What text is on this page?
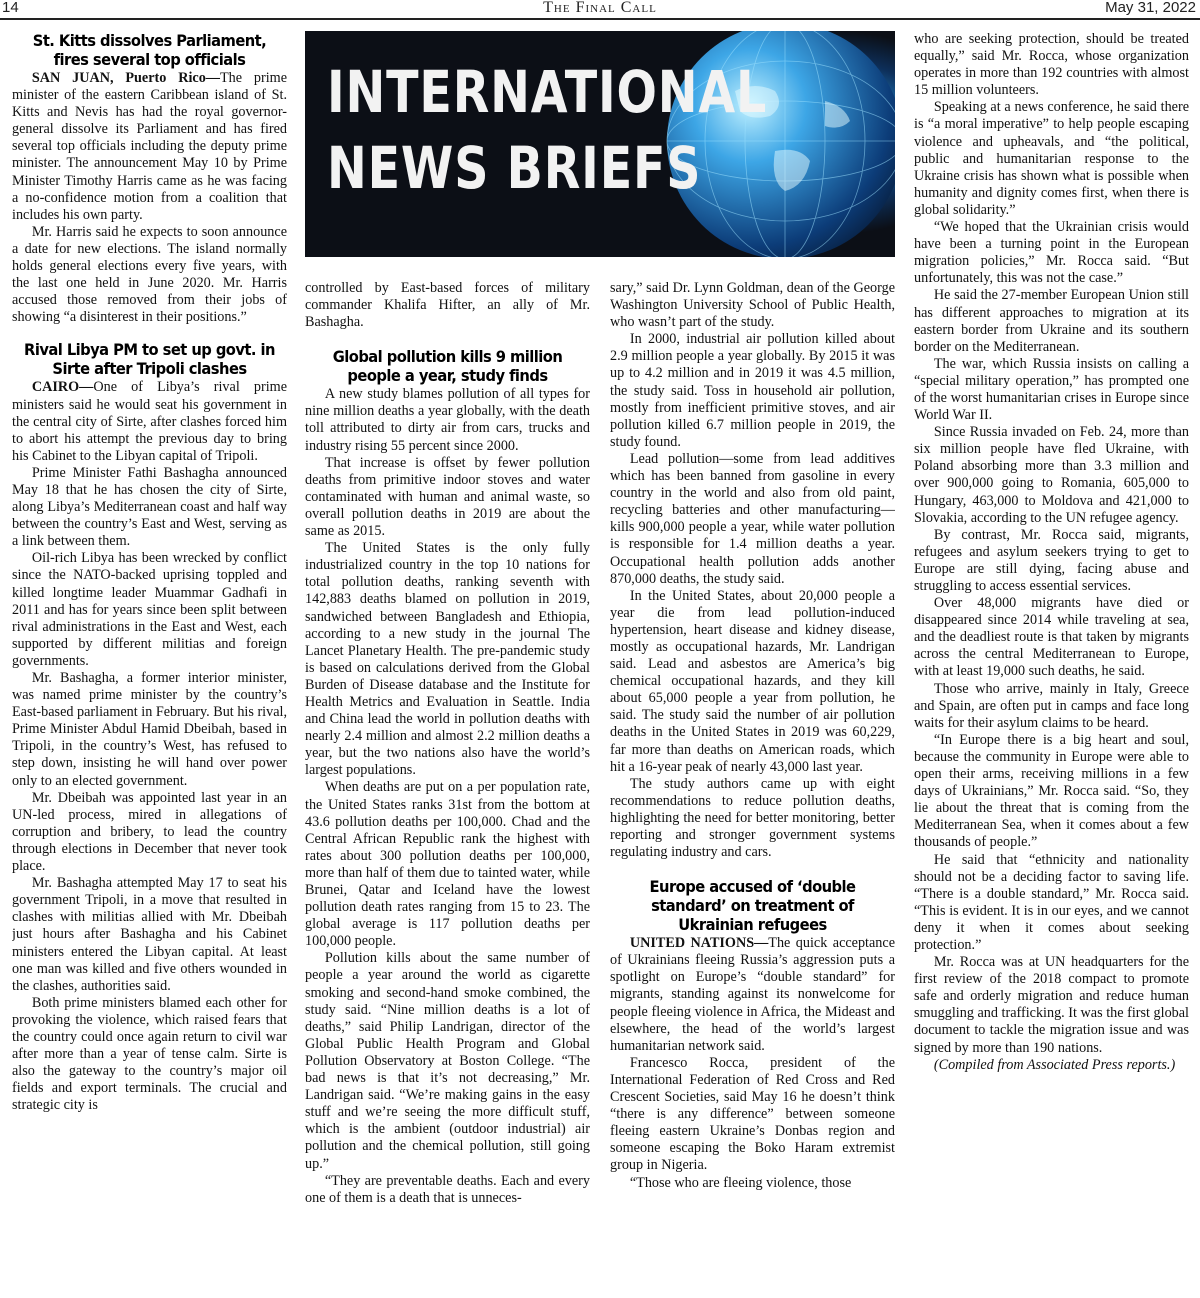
14	The Final Call	May 31, 2022
St. Kitts dissolves Parliament, fires several top officials

SAN JUAN, Puerto Rico—The prime minister of the eastern Caribbean island of St. Kitts and Nevis has had the royal governor-general dissolve its Parliament and has fired several top officials including the deputy prime minister. The announcement May 10 by Prime Minister Timothy Harris came as he was facing a no-confidence motion from a coalition that includes his own party.

Mr. Harris said he expects to soon announce a date for new elections. The island normally holds general elections every five years, with the last one held in June 2020. Mr. Harris accused those removed from their jobs of showing “a disinterest in their positions.”

Rival Libya PM to set up govt. in Sirte after Tripoli clashes

CAIRO—One of Libya’s rival prime ministers said he would seat his government in the central city of Sirte, after clashes forced him to abort his attempt the previous day to bring his Cabinet to the Libyan capital of Tripoli.

Prime Minister Fathi Bashagha announced May 18 that he has chosen the city of Sirte, along Libya’s Mediterranean coast and half way between the country’s East and West, serving as a link between them.

Oil-rich Libya has been wrecked by conflict since the NATO-backed uprising toppled and killed longtime leader Muammar Gadhafi in 2011 and has for years since been split between rival administrations in the East and West, each supported by different militias and foreign governments.

Mr. Bashagha, a former interior minister, was named prime minister by the country’s East-based parliament in February. But his rival, Prime Minister Abdul Hamid Dbeibah, based in Tripoli, in the country’s West, has refused to step down, insisting he will hand over power only to an elected government.

Mr. Dbeibah was appointed last year in an UN-led process, mired in allegations of corruption and bribery, to lead the country through elections in December that never took place.

Mr. Bashagha attempted May 17 to seat his government Tripoli, in a move that resulted in clashes with militias allied with Mr. Dbeibah just hours after Bashagha and his Cabinet ministers entered the Libyan capital. At least one man was killed and five others wounded in the clashes, authorities said.

Both prime ministers blamed each other for provoking the violence, which raised fears that the country could once again return to civil war after more than a year of tense calm. Sirte is also the gateway to the country’s major oil fields and export terminals. The crucial and strategic city is

INTERNATIONAL
NEWS BRIEFS

controlled by East-based forces of military commander Khalifa Hifter, an ally of Mr. Bashagha.

Global pollution kills 9 million people a year, study finds

A new study blames pollution of all types for nine million deaths a year globally, with the death toll attributed to dirty air from cars, trucks and industry rising 55 percent since 2000.

That increase is offset by fewer pollution deaths from primitive indoor stoves and water contaminated with human and animal waste, so overall pollution deaths in 2019 are about the same as 2015.

The United States is the only fully industrialized country in the top 10 nations for total pollution deaths, ranking seventh with 142,883 deaths blamed on pollution in 2019, sandwiched between Bangladesh and Ethiopia, according to a new study in the journal The Lancet Planetary Health. The pre-pandemic study is based on calculations derived from the Global Burden of Disease database and the Institute for Health Metrics and Evaluation in Seattle. India and China lead the world in pollution deaths with nearly 2.4 million and almost 2.2 million deaths a year, but the two nations also have the world’s largest populations.

When deaths are put on a per population rate, the United States ranks 31st from the bottom at 43.6 pollution deaths per 100,000. Chad and the Central African Republic rank the highest with rates about 300 pollution deaths per 100,000, more than half of them due to tainted water, while Brunei, Qatar and Iceland have the lowest pollution death rates ranging from 15 to 23. The global average is 117 pollution deaths per 100,000 people.

Pollution kills about the same number of people a year around the world as cigarette smoking and second-hand smoke combined, the study said. “Nine million deaths is a lot of deaths,” said Philip Landrigan, director of the Global Public Health Program and Global Pollution Observatory at Boston College. “The bad news is that it’s not decreasing,” Mr. Landrigan said. “We’re making gains in the easy stuff and we’re seeing the more difficult stuff, which is the ambient (outdoor industrial) air pollution and the chemical pollution, still going up.”

“They are preventable deaths. Each and every one of them is a death that is unneces-

sary,” said Dr. Lynn Goldman, dean of the George Washington University School of Public Health, who wasn’t part of the study.

In 2000, industrial air pollution killed about 2.9 million people a year globally. By 2015 it was up to 4.2 million and in 2019 it was 4.5 million, the study said. Toss in household air pollution, mostly from inefficient primitive stoves, and air pollution killed 6.7 million people in 2019, the study found.

Lead pollution—some from lead additives which has been banned from gasoline in every country in the world and also from old paint, recycling batteries and other manufacturing—kills 900,000 people a year, while water pollution is responsible for 1.4 million deaths a year. Occupational health pollution adds another 870,000 deaths, the study said.

In the United States, about 20,000 people a year die from lead pollution-induced hypertension, heart disease and kidney disease, mostly as occupational hazards, Mr. Landrigan said. Lead and asbestos are America’s big chemical occupational hazards, and they kill about 65,000 people a year from pollution, he said. The study said the number of air pollution deaths in the United States in 2019 was 60,229, far more than deaths on American roads, which hit a 16-year peak of nearly 43,000 last year.

The study authors came up with eight recommendations to reduce pollution deaths, highlighting the need for better monitoring, better reporting and stronger government systems regulating industry and cars.

Europe accused of ‘double standard’ on treatment of Ukrainian refugees

UNITED NATIONS—The quick acceptance of Ukrainians fleeing Russia’s aggression puts a spotlight on Europe’s “double standard” for migrants, standing against its nonwelcome for people fleeing violence in Africa, the Mideast and elsewhere, the head of the world’s largest humanitarian network said.

Francesco Rocca, president of the International Federation of Red Cross and Red Crescent Societies, said May 16 he doesn’t think “there is any difference” between someone fleeing eastern Ukraine’s Donbas region and someone escaping the Boko Haram extremist group in Nigeria.

“Those who are fleeing violence, those

who are seeking protection, should be treated equally,” said Mr. Rocca, whose organization operates in more than 192 countries with almost 15 million volunteers.

Speaking at a news conference, he said there is “a moral imperative” to help people escaping violence and upheavals, and “the political, public and humanitarian response to the Ukraine crisis has shown what is possible when humanity and dignity comes first, when there is global solidarity.”

“We hoped that the Ukrainian crisis would have been a turning point in the European migration policies,” Mr. Rocca said. “But unfortunately, this was not the case.”

He said the 27-member European Union still has different approaches to migration at its eastern border from Ukraine and its southern border on the Mediterranean.

The war, which Russia insists on calling a “special military operation,” has prompted one of the worst humanitarian crises in Europe since World War II.

Since Russia invaded on Feb. 24, more than six million people have fled Ukraine, with Poland absorbing more than 3.3 million and over 900,000 going to Romania, 605,000 to Hungary, 463,000 to Moldova and 421,000 to Slovakia, according to the UN refugee agency.

By contrast, Mr. Rocca said, migrants, refugees and asylum seekers trying to get to Europe are still dying, facing abuse and struggling to access essential services.

Over 48,000 migrants have died or disappeared since 2014 while traveling at sea, and the deadliest route is that taken by migrants across the central Mediterranean to Europe, with at least 19,000 such deaths, he said.

Those who arrive, mainly in Italy, Greece and Spain, are often put in camps and face long waits for their asylum claims to be heard.

“In Europe there is a big heart and soul, because the community in Europe were able to open their arms, receiving millions in a few days of Ukrainians,” Mr. Rocca said. “So, they lie about the threat that is coming from the Mediterranean Sea, when it comes about a few thousands of people.”

He said that “ethnicity and nationality should not be a deciding factor to saving life. “There is a double standard,” Mr. Rocca said. “This is evident. It is in our eyes, and we cannot deny it when it comes about seeking protection.”

Mr. Rocca was at UN headquarters for the first review of the 2018 compact to promote safe and orderly migration and reduce human smuggling and trafficking. It was the first global document to tackle the migration issue and was signed by more than 190 nations.

(Compiled from Associated Press reports.)
